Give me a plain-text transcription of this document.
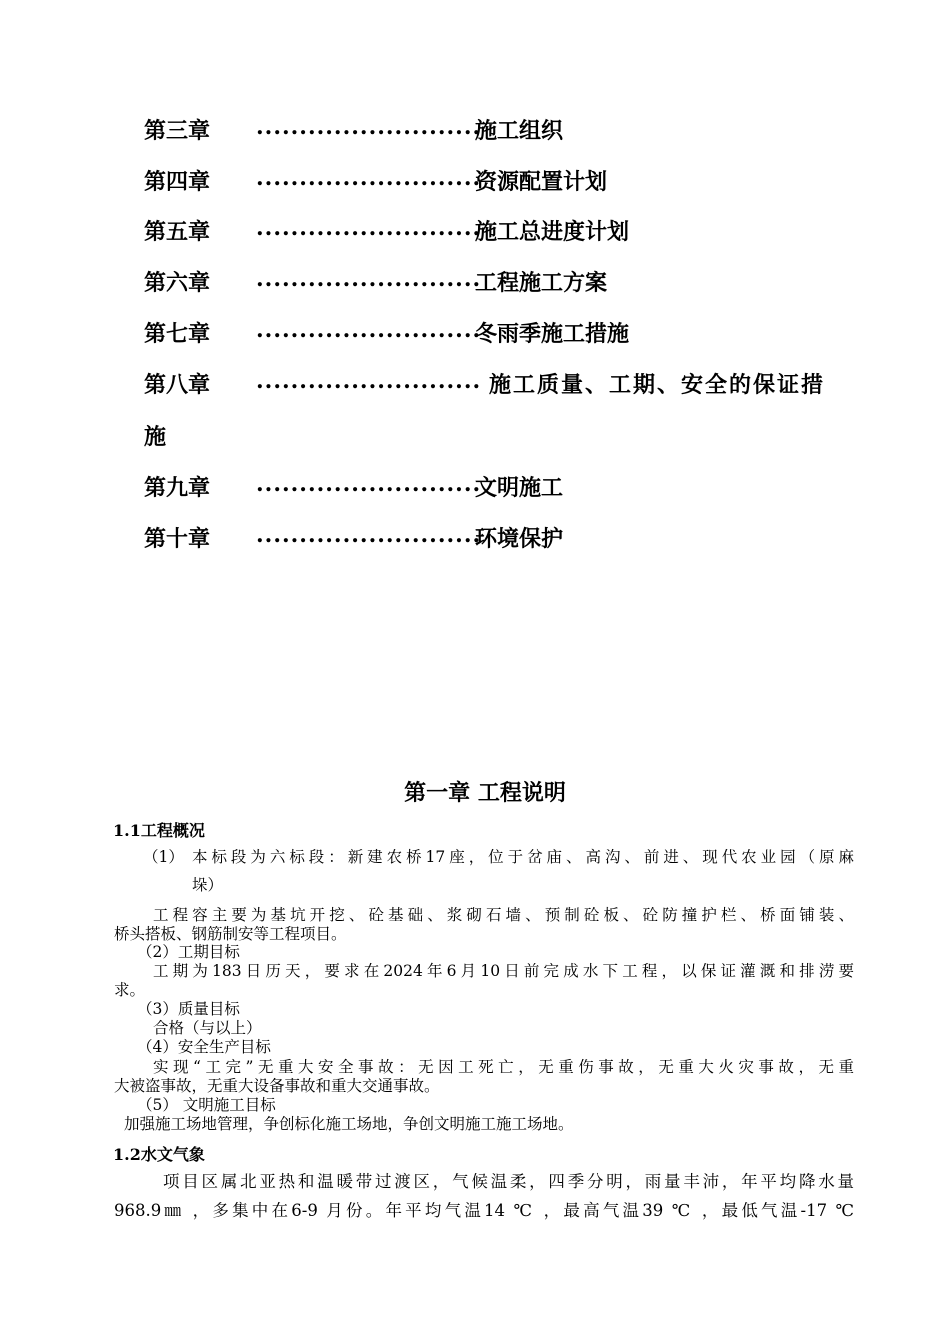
第三章 ..........................
施工组织
第四章 ..........................
资源配置计划
第五章 ..........................
施工总进度计划
第六章 ..........................
工程施工方案
第七章 ..........................
冬雨季施工措施
第八章 .......................... 施工质量、工期、安全的保证措
施
第九章 ..........................
文明施工
第十章 ..........................
环境保护
第一章 工程说明
1.1工程概况
（1） 本标段为六标段：新建农桥17座，位于岔庙、高沟、前进、现代农业园（原麻
垛）
工程容主要为基坑开挖、砼基础、浆砌石墙、预制砼板、砼防撞护栏、桥面铺装、
桥头搭板、钢筋制安等工程项目。
（2）工期目标
工期为183日历天，要求在2024年6月10日前完成水下工程，以保证灌溉和排涝要
求。
（3）质量目标
合格（与以上）
（4）安全生产目标
实现“工完”无重大安全事故：无因工死亡，无重伤事故，无重大火灾事故，无重
大被盗事故，无重大设备事故和重大交通事故。
（5） 文明施工目标
加强施工场地管理，争创标化施工场地，争创文明施工施工场地。
1.2水文气象
项目区属北亚热和温暖带过渡区，气候温柔，四季分明，雨量丰沛，年平均降水量
968.9㎜ ，多集中在6-9 月份。年平均气温14 ℃ ，最高气温39 ℃ ，最低气温-17 ℃
